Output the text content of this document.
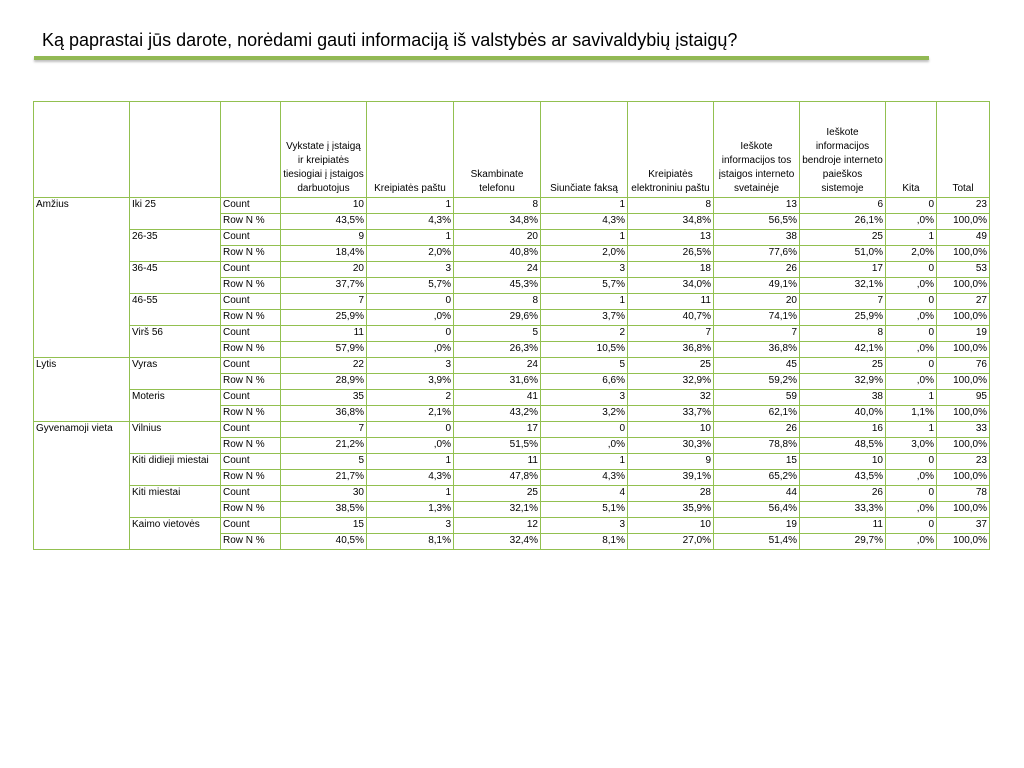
Ką paprastai jūs darote, norėdami gauti informaciją iš valstybės ar savivaldybių įstaigų?
			Vykstate į įstaigą ir kreipiatės tiesiogiai į įstaigos darbuotojus	Kreipiatės paštu	Skambinate telefonu	Siunčiate faksą	Kreipiatės elektroniniu paštu	Ieškote informacijos tos įstaigos interneto svetainėje	Ieškote informacijos bendroje interneto paieškos sistemoje	Kita	Total
Amžius	Iki 25	Count	10	1	8	1	8	13	6	0	23
		Row N %	43,5%	4,3%	34,8%	4,3%	34,8%	56,5%	26,1%	,0%	100,0%
	26-35	Count	9	1	20	1	13	38	25	1	49
		Row N %	18,4%	2,0%	40,8%	2,0%	26,5%	77,6%	51,0%	2,0%	100,0%
	36-45	Count	20	3	24	3	18	26	17	0	53
		Row N %	37,7%	5,7%	45,3%	5,7%	34,0%	49,1%	32,1%	,0%	100,0%
	46-55	Count	7	0	8	1	11	20	7	0	27
		Row N %	25,9%	,0%	29,6%	3,7%	40,7%	74,1%	25,9%	,0%	100,0%
	Virš 56	Count	11	0	5	2	7	7	8	0	19
		Row N %	57,9%	,0%	26,3%	10,5%	36,8%	36,8%	42,1%	,0%	100,0%
Lytis	Vyras	Count	22	3	24	5	25	45	25	0	76
		Row N %	28,9%	3,9%	31,6%	6,6%	32,9%	59,2%	32,9%	,0%	100,0%
	Moteris	Count	35	2	41	3	32	59	38	1	95
		Row N %	36,8%	2,1%	43,2%	3,2%	33,7%	62,1%	40,0%	1,1%	100,0%
Gyvenamoji vieta	Vilnius	Count	7	0	17	0	10	26	16	1	33
		Row N %	21,2%	,0%	51,5%	,0%	30,3%	78,8%	48,5%	3,0%	100,0%
	Kiti didieji miestai	Count	5	1	11	1	9	15	10	0	23
		Row N %	21,7%	4,3%	47,8%	4,3%	39,1%	65,2%	43,5%	,0%	100,0%
	Kiti miestai	Count	30	1	25	4	28	44	26	0	78
		Row N %	38,5%	1,3%	32,1%	5,1%	35,9%	56,4%	33,3%	,0%	100,0%
	Kaimo vietovės	Count	15	3	12	3	10	19	11	0	37
		Row N %	40,5%	8,1%	32,4%	8,1%	27,0%	51,4%	29,7%	,0%	100,0%
